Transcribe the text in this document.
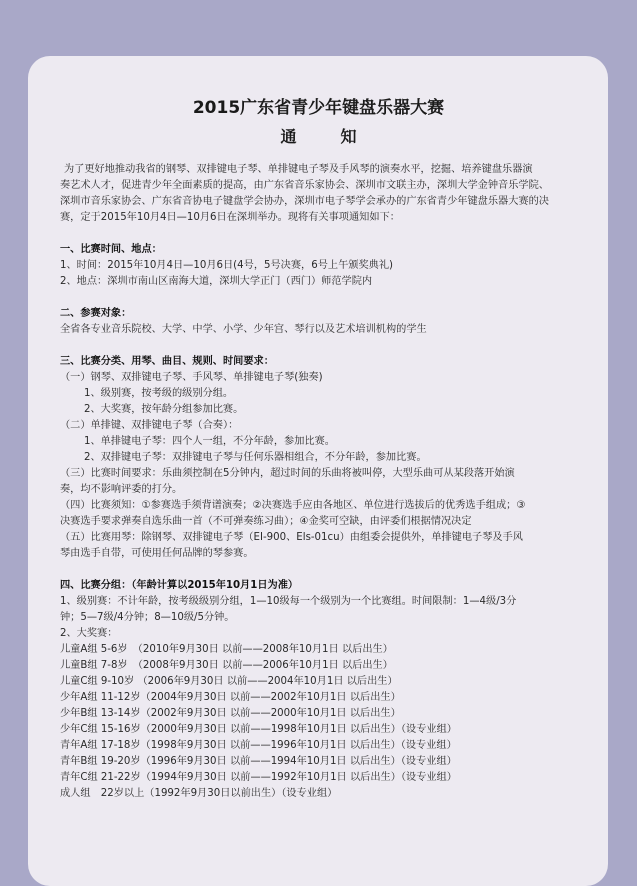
2015广东省青少年键盘乐器大赛
通　知
为了更好地推动我省的钢琴、双排键电子琴、单排键电子琴及手风琴的演奏水平，挖掘、培养键盘乐器演
奏艺术人才，促进青少年全面素质的提高，由广东省音乐家协会、深圳市文联主办，深圳大学金钟音乐学院、
深圳市音乐家协会、广东省音协电子键盘学会协办，深圳市电子琴学会承办的广东省青少年键盘乐器大赛的决
赛，定于2015年10月4日—10月6日在深圳举办。现将有关事项通知如下：
一、比赛时间、地点：
1、时间：2015年10月4日—10月6日(4号，5号决赛，6号上午颁奖典礼)
2、地点：深圳市南山区南海大道，深圳大学正门（西门）师范学院内
二、参赛对象：
全省各专业音乐院校、大学、中学、小学、少年宫、琴行以及艺术培训机构的学生
三、比赛分类、用琴、曲目、规则、时间要求：
（一）钢琴、双排键电子琴、手风琴、单排键电子琴(独奏)
1、级别赛，按考级的级别分组。
2、大奖赛，按年龄分组参加比赛。
（二）单排键、双排键电子琴（合奏）：
1、单排键电子琴：四个人一组，不分年龄，参加比赛。
2、双排键电子琴：双排键电子琴与任何乐器相组合，不分年龄，参加比赛。
（三）比赛时间要求：乐曲须控制在5分钟内，超过时间的乐曲将被叫停，大型乐曲可从某段落开始演
奏，均不影响评委的打分。
（四）比赛须知：①参赛选手须背谱演奏；②决赛选手应由各地区、单位进行选拔后的优秀选手组成；③
决赛选手要求弹奏自选乐曲一首（不可弹奏练习曲）；④金奖可空缺，由评委们根据情况决定
（五）比赛用琴：除钢琴、双排键电子琴（EI-900、Els-01cu）由组委会提供外，单排键电子琴及手风
琴由选手自带，可使用任何品牌的琴参赛。
四、比赛分组：（年龄计算以2015年10月1日为准）
1、级别赛：不计年龄，按考级级别分组，1—10级每一个级别为一个比赛组。时间限制：1—4级/3分
钟；5—7级/4分钟；8—10级/5分钟。
2、大奖赛：
儿童A组 5-6岁　（2010年9月30日 以前——2008年10月1日 以后出生）
儿童B组 7-8岁　（2008年9月30日 以前——2006年10月1日 以后出生）
儿童C组 9-10岁 （2006年9月30日 以前——2004年10月1日 以后出生）
少年A组 11-12岁（2004年9月30日 以前——2002年10月1日 以后出生）
少年B组 13-14岁（2002年9月30日 以前——2000年10月1日 以后出生）
少年C组 15-16岁（2000年9月30日 以前——1998年10月1日 以后出生）（设专业组）
青年A组 17-18岁（1998年9月30日 以前——1996年10月1日 以后出生）（设专业组）
青年B组 19-20岁（1996年9月30日 以前——1994年10月1日 以后出生）（设专业组）
青年C组 21-22岁（1994年9月30日 以前——1992年10月1日 以后出生）（设专业组）
成人组　22岁以上（1992年9月30日以前出生）（设专业组）
